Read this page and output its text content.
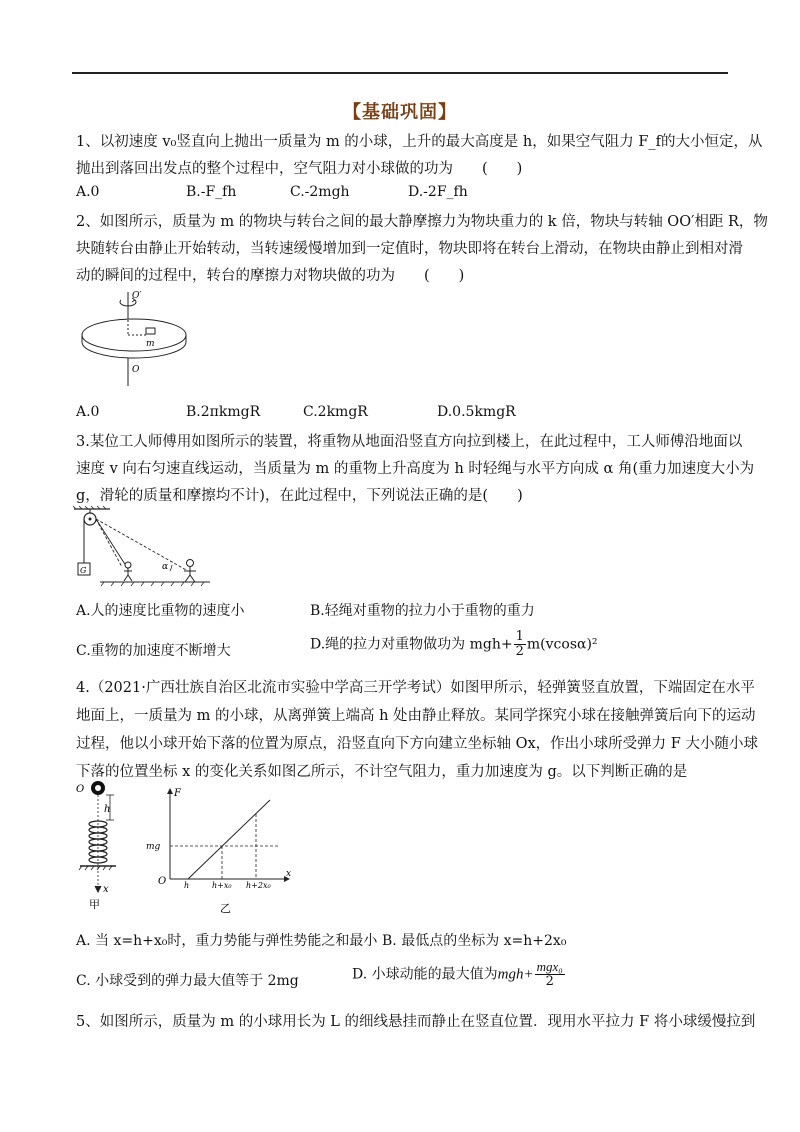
【基础巩固】
1、以初速度 v₀竖直向上抛出一质量为 m 的小球，上升的最大高度是 h，如果空气阻力 F_f的大小恒定，从
抛出到落回出发点的整个过程中，空气阻力对小球做的功为　　(　　)
A.0	B.-F_fh	C.-2mgh	D.-2F_fh
2、如图所示，质量为 m 的物块与转台之间的最大静摩擦力为物块重力的 k 倍，物块与转轴 OO′相距 R，物
块随转台由静止开始转动，当转速缓慢增加到一定值时，物块即将在转台上滑动，在物块由静止到相对滑
动的瞬间的过程中，转台的摩擦力对物块做的功为　　(　　)
O′
m
O
A.0	B.2πkmgR	C.2kmgR	D.0.5kmgR
3.某位工人师傅用如图所示的装置，将重物从地面沿竖直方向拉到楼上，在此过程中，工人师傅沿地面以
速度 v 向右匀速直线运动，当质量为 m 的重物上升高度为 h 时轻绳与水平方向成 α 角(重力加速度大小为
g，滑轮的质量和摩擦均不计)，在此过程中，下列说法正确的是(　　)
G	α
A.人的速度比重物的速度小	B.轻绳对重物的拉力小于重物的重力
C.重物的加速度不断增大	D.绳的拉力对重物做功为 $mgh+ \frac{1}{2} m(vcos\alpha)^2$
4.（2021·广西壮族自治区北流市实验中学高三开学考试）如图甲所示，轻弹簧竖直放置，下端固定在水平
地面上，一质量为 m 的小球，从离弹簧上端高 h 处由静止释放。某同学探究小球在接触弹簧后向下的运动
过程，他以小球开始下落的位置为原点，沿竖直向下方向建立坐标轴 Ox，作出小球所受弹力 F 大小随小球
下落的位置坐标 x 的变化关系如图乙所示，不计空气阻力，重力加速度为 g。以下判断正确的是
O
h
x
甲
F
x
O
mg
h	h+x₀ h+2x₀
乙
A. 当 x=h+x₀时，重力势能与弹性势能之和最小 B. 最低点的坐标为 x=h+2x₀
C. 小球受到的弹力最大值等于 2mg	D. 小球动能的最大值为$mgh+ \frac{\text{mgx₀}}{2}$
5、如图所示，质量为 m 的小球用长为 L 的细线悬挂而静止在竖直位置．现用水平拉力 F 将小球缓慢拉到
